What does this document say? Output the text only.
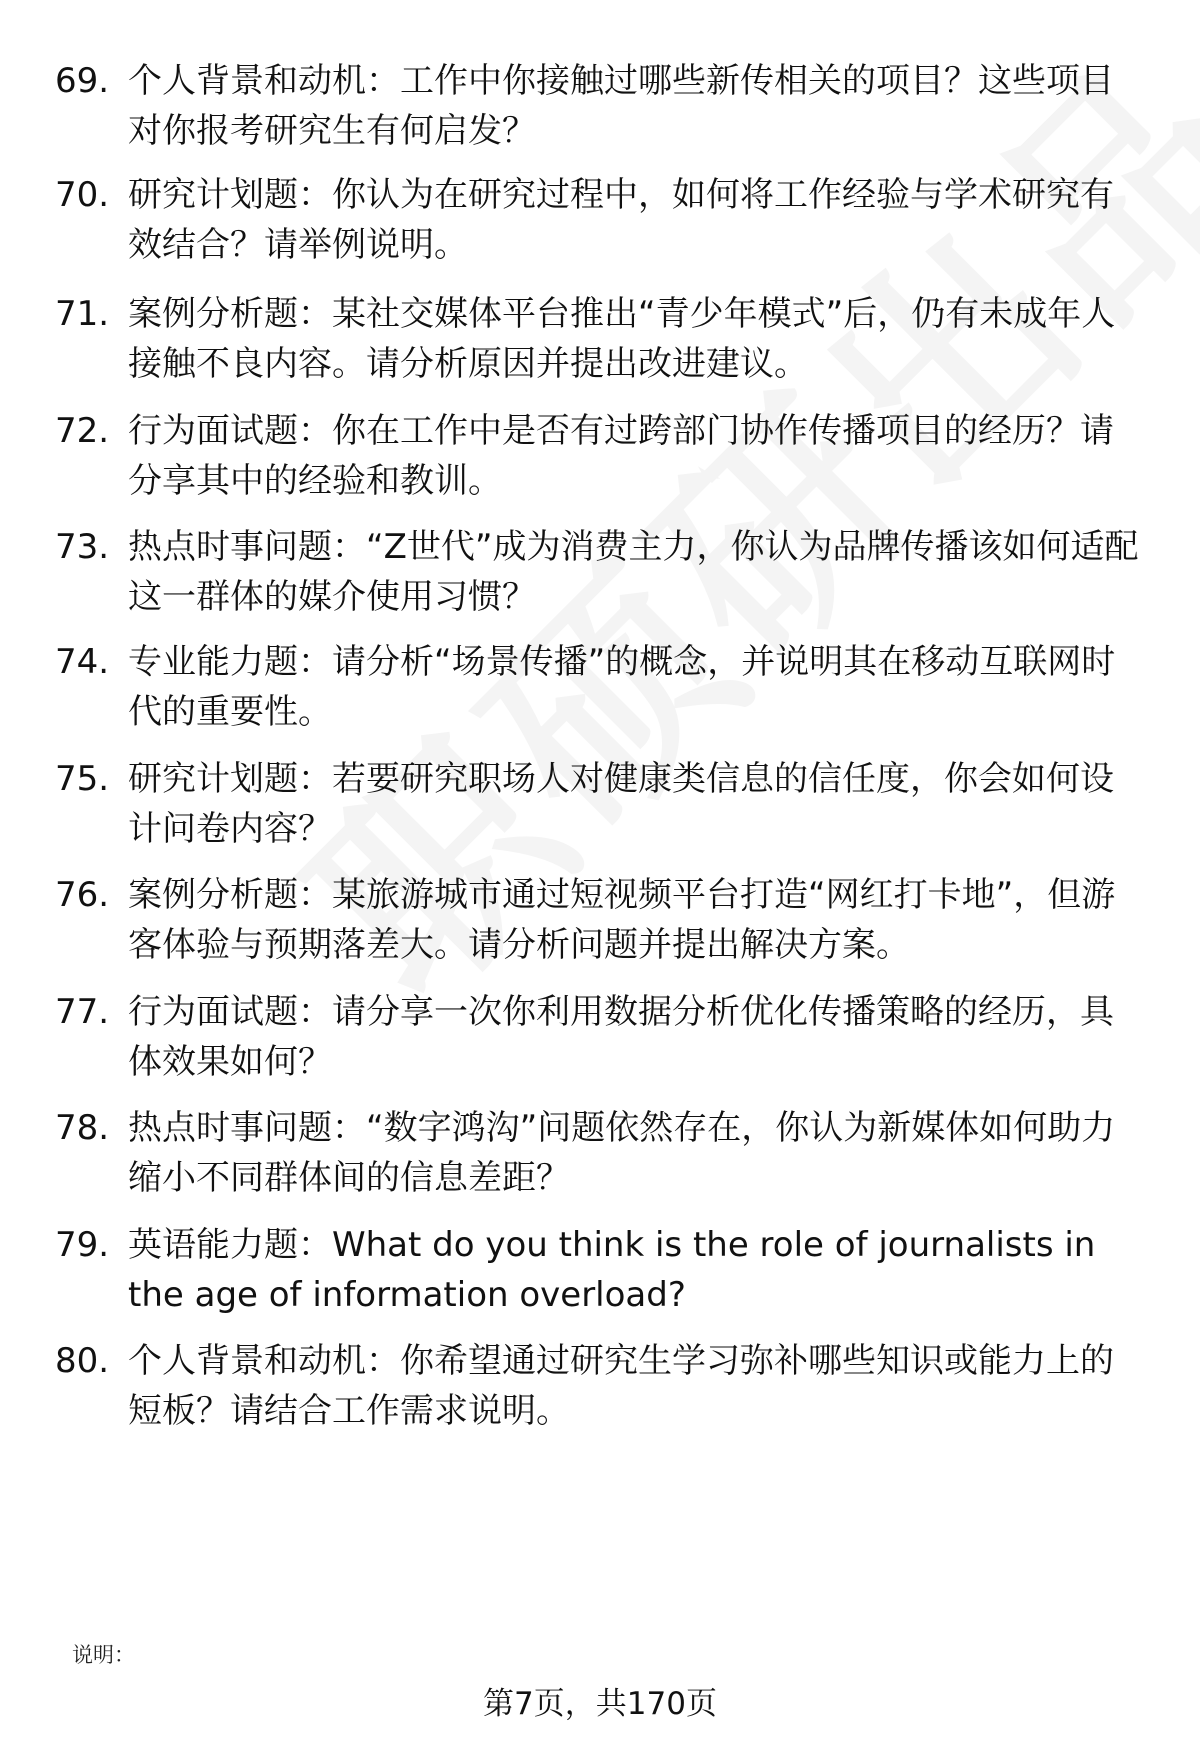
69. 个人背景和动机：工作中你接触过哪些新传相关的项目？这些项目对你报考研究生有何启发？
70. 研究计划题：你认为在研究过程中，如何将工作经验与学术研究有效结合？请举例说明。
71. 案例分析题：某社交媒体平台推出“青少年模式”后，仍有未成年人接触不良内容。请分析原因并提出改进建议。
72. 行为面试题：你在工作中是否有过跨部门协作传播项目的经历？请分享其中的经验和教训。
73. 热点时事问题：“Z世代”成为消费主力，你认为品牌传播该如何适配这一群体的媒介使用习惯？
74. 专业能力题：请分析“场景传播”的概念，并说明其在移动互联网时代的重要性。
75. 研究计划题：若要研究职场人对健康类信息的信任度，你会如何设计问卷内容？
76. 案例分析题：某旅游城市通过短视频平台打造“网红打卡地”，但游客体验与预期落差大。请分析问题并提出解决方案。
77. 行为面试题：请分享一次你利用数据分析优化传播策略的经历，具体效果如何？
78. 热点时事问题：“数字鸿沟”问题依然存在，你认为新媒体如何助力缩小不同群体间的信息差距？
79. 英语能力题：What do you think is the role of journalists in the age of information overload?
80. 个人背景和动机：你希望通过研究生学习弥补哪些知识或能力上的短板？请结合工作需求说明。
说明：
第7页，共170页
